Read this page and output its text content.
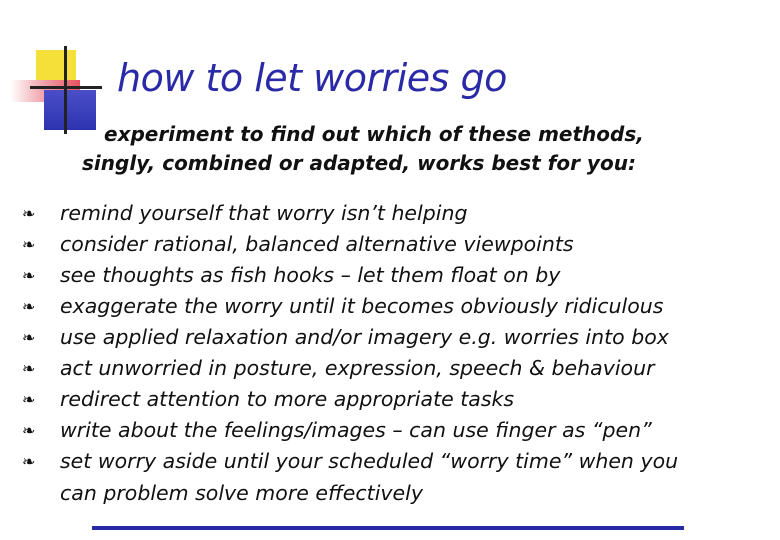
how to let worries go
experiment to find out which of these methods,
singly, combined or adapted, works best for you:
❧	remind yourself that worry isn’t helping
❧	consider rational, balanced alternative viewpoints
❧	see thoughts as fish hooks – let them float on by
❧	exaggerate the worry until it becomes obviously ridiculous
❧	use applied relaxation and/or imagery e.g. worries into box
❧	act unworried in posture, expression, speech & behaviour
❧	redirect attention to more appropriate tasks
❧	write about the feelings/images – can use finger as “pen”
❧	set worry aside until your scheduled “worry time” when you
can problem solve more effectively
